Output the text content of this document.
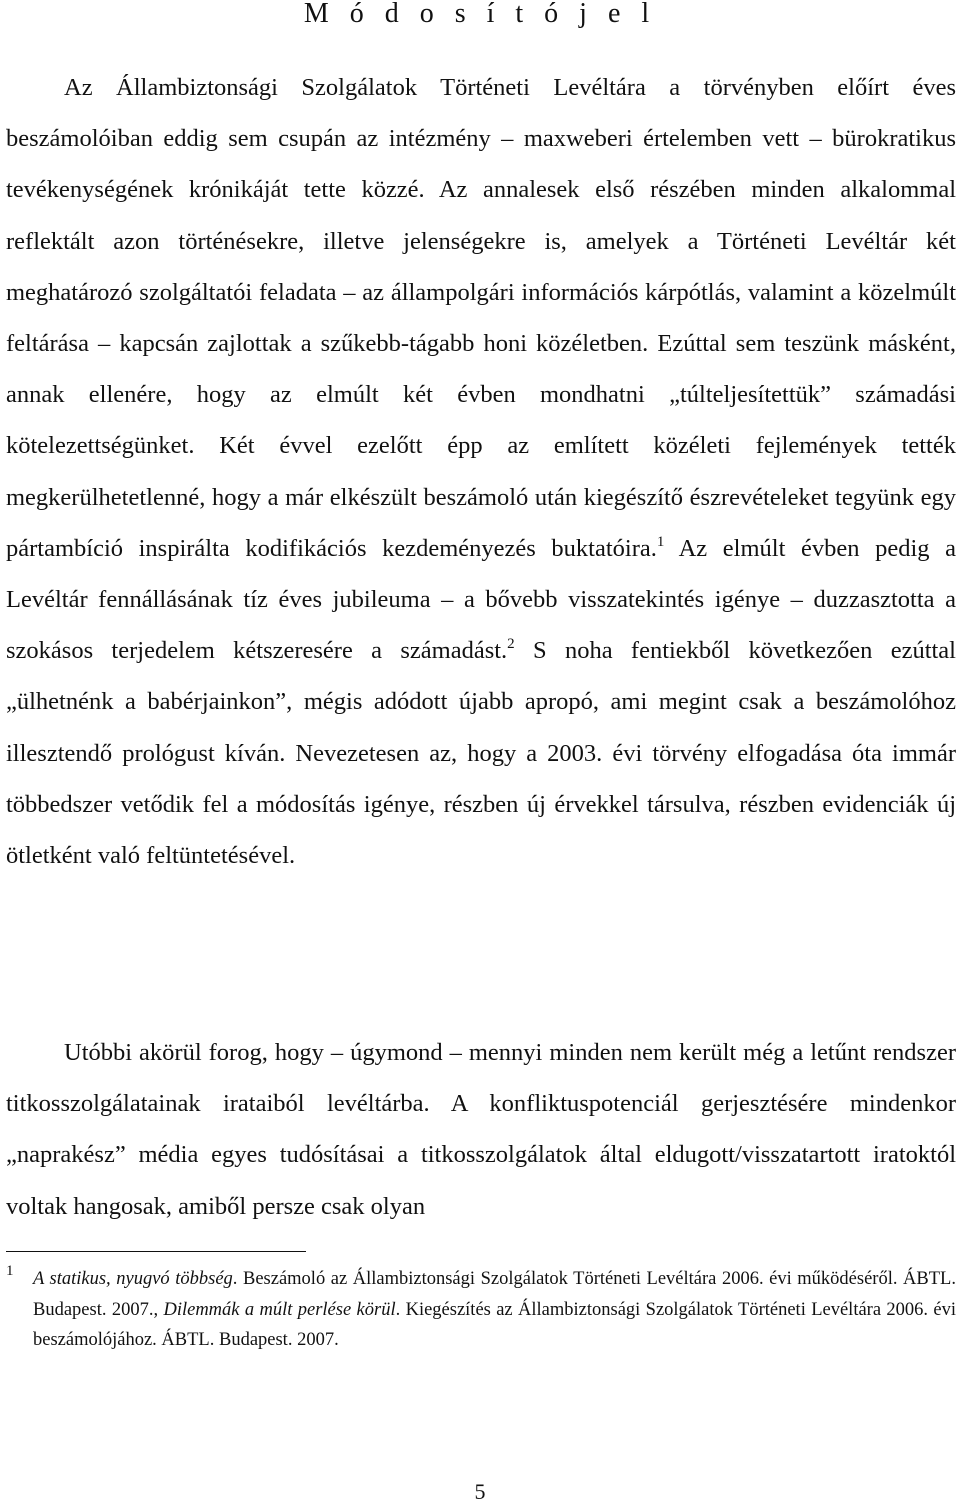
M ó d o s í t ó j e l

Az Állambiztonsági Szolgálatok Történeti Levéltára a törvényben előírt éves beszámolóiban eddig sem csupán az intézmény – maxweberi értelemben vett – bürokratikus tevékenységének krónikáját tette közzé. Az annalesek első részében minden alkalommal reflektált azon történésekre, illetve jelenségekre is, amelyek a Történeti Levéltár két meghatározó szolgáltatói feladata – az állampolgári információs kárpótlás, valamint a közelmúlt feltárása – kapcsán zajlottak a szűkebb-tágabb honi közéletben. Ezúttal sem teszünk másként, annak ellenére, hogy az elmúlt két évben mondhatni „túlteljesítettük” számadási kötelezettségünket. Két évvel ezelőtt épp az említett közéleti fejlemények tették megkerülhetetlenné, hogy a már elkészült beszámoló után kiegészítő észrevételeket tegyünk egy pártambíció inspirálta kodifikációs kezdeményezés buktatóira.$^1$ Az elmúlt évben pedig a Levéltár fennállásának tíz éves jubileuma – a bővebb visszatekintés igénye – duzzasztotta a szokásos terjedelem kétszeresére a számadást.$^2$ S noha fentiekből következően ezúttal „ülhetnénk a babérjainkon”, mégis adódott újabb apropó, ami megint csak a beszámolóhoz illesztendő prológust kíván. Nevezetesen az, hogy a 2003. évi törvény elfogadása óta immár többedszer vetődik fel a módosítás igénye, részben új érvekkel társulva, részben evidenciák új ötletként való feltüntetésével.

Utóbbi akörül forog, hogy – úgymond – mennyi minden nem került még a letűnt rendszer titkosszolgálatainak irataiból levéltárba. A konfliktuspotenciál gerjesztésére mindenkor „naprakész” média egyes tudósításai a titkosszolgálatok által eldugott/visszatartott iratoktól voltak hangosak, amiből persze csak olyan

1 A statikus, nyugvó többség. Beszámoló az Állambiztonsági Szolgálatok Történeti Levéltára 2006. évi működéséről. ÁBTL. Budapest. 2007., Dilemmák a múlt perlése körül. Kiegészítés az Állambiztonsági Szolgálatok Történeti Levéltára 2006. évi beszámolójához. ÁBTL. Budapest. 2007.
5
